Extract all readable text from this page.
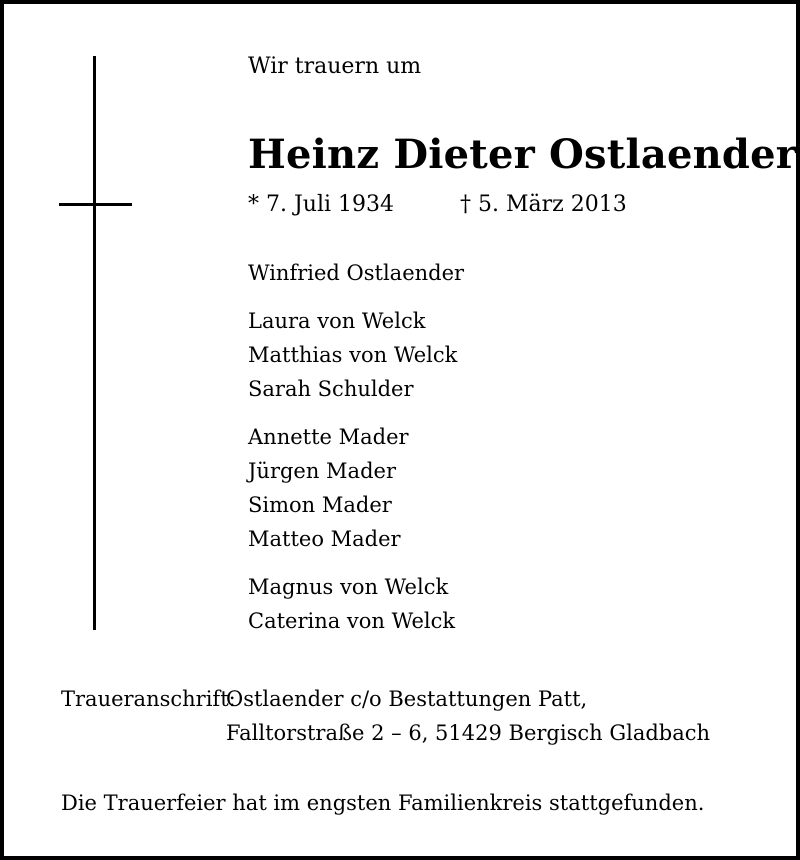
Wir trauern um
Heinz Dieter Ostlaender
* 7. Juli 1934	† 5. März 2013
Winfried Ostlaender
Laura von Welck
Matthias von Welck
Sarah Schulder
Annette Mader
Jürgen Mader
Simon Mader
Matteo Mader
Magnus von Welck
Caterina von Welck
Traueranschrift:
Ostlaender c/o Bestattungen Patt,
Falltorstraße 2 – 6, 51429 Bergisch Gladbach
Die Trauerfeier hat im engsten Familienkreis stattgefunden.
